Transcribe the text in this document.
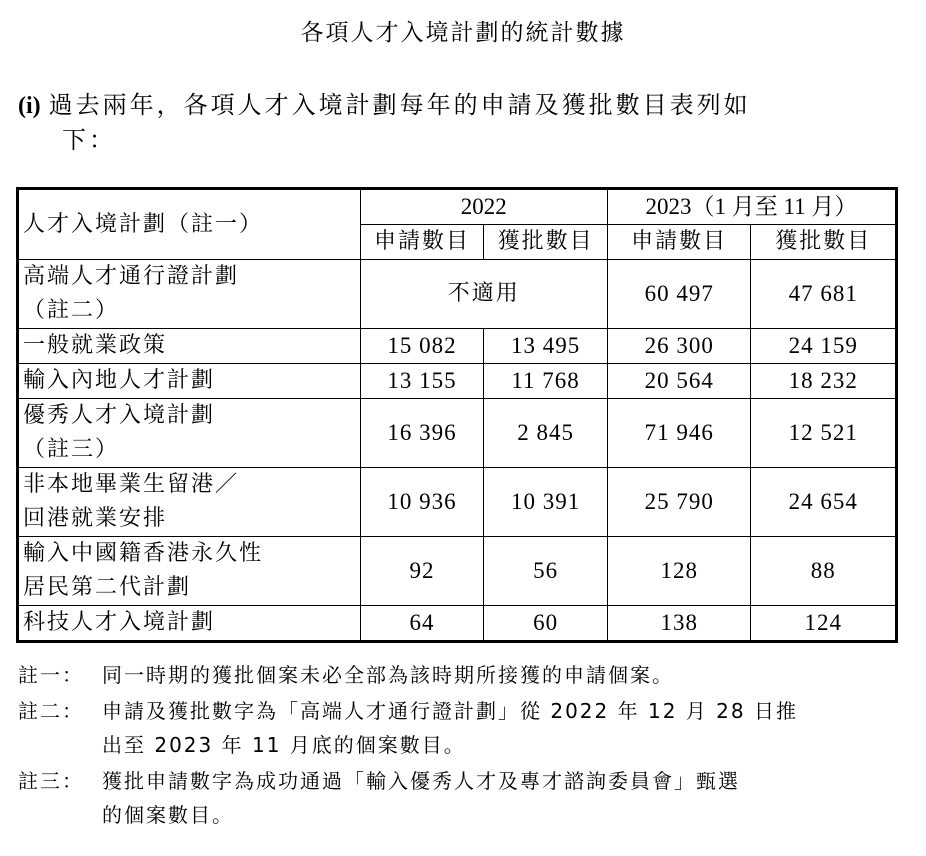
各項人才入境計劃的統計數據
(i) 過去兩年，各項人才入境計劃每年的申請及獲批數目表列如
下：
人才入境計劃（註一）	2022		2023（1 月至 11 月）	
	申請數目	獲批數目	申請數目	獲批數目

高端人才通行證計劃
（註二）	不適用		60 497	47 681
一般就業政策	15 082	13 495	26 300	24 159
輸入內地人才計劃	13 155	11 768	20 564	18 232

優秀人才入境計劃
（註三）	16 396	2 845	71 946	12 521

非本地畢業生留港／
回港就業安排	10 936	10 391	25 790	24 654

輸入中國籍香港永久性
居民第二代計劃	92	56	128	88
科技人才入境計劃	64	60	138	124
註一： 同一時期的獲批個案未必全部為該時期所接獲的申請個案。
註二： 申請及獲批數字為「高端人才通行證計劃」從 2022 年 12 月 28 日推
出至 2023 年 11 月底的個案數目。
註三： 獲批申請數字為成功通過「輸入優秀人才及專才諮詢委員會」甄選
的個案數目。
